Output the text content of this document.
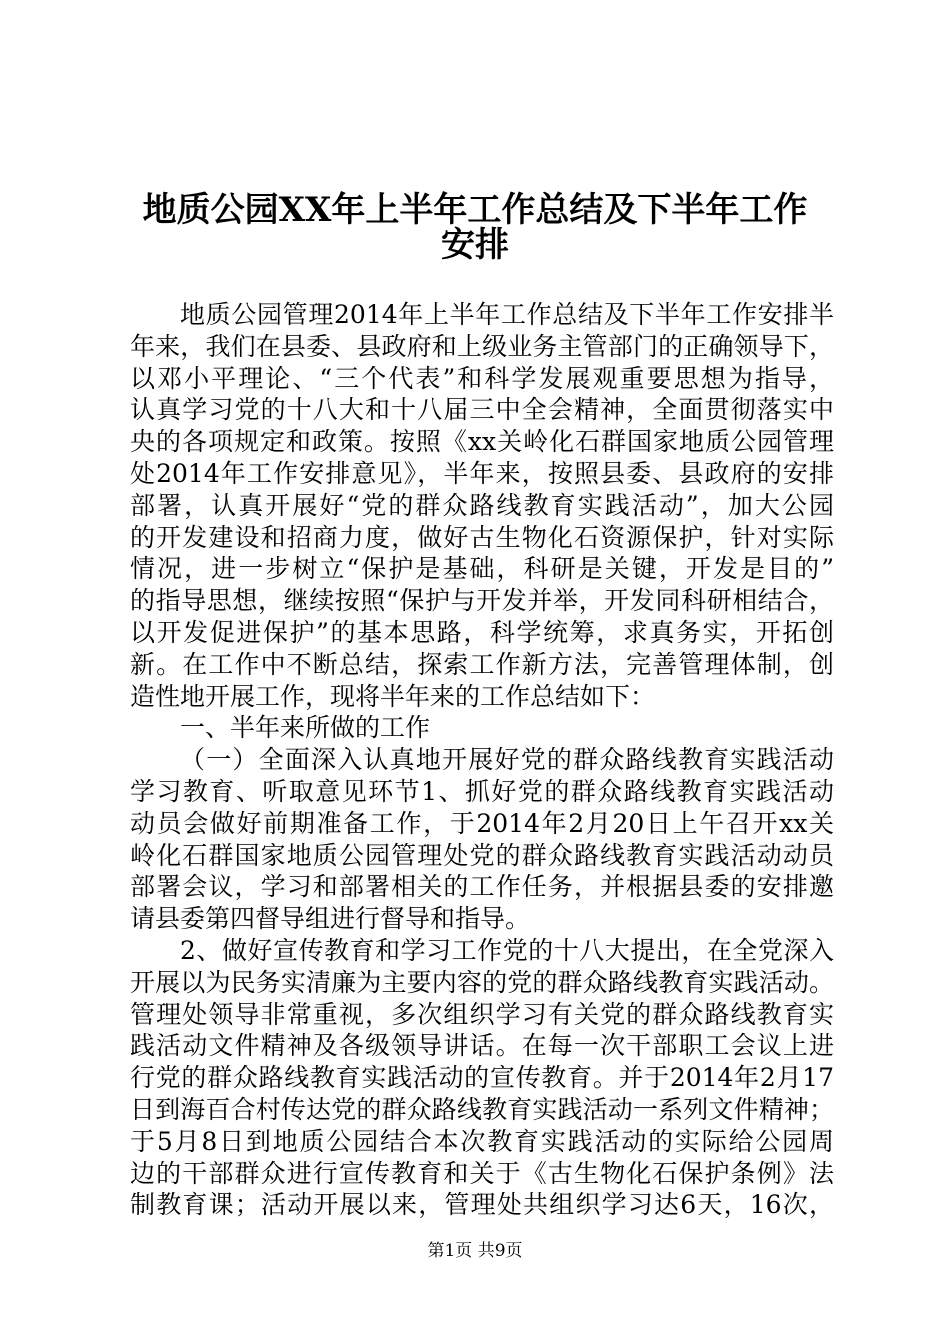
地质公园XX年上半年工作总结及下半年工作
安排
地质公园管理2014年上半年工作总结及下半年工作安排半
年来，我们在县委、县政府和上级业务主管部门的正确领导下，
以邓小平理论、“三个代表”和科学发展观重要思想为指导，
认真学习党的十八大和十八届三中全会精神，全面贯彻落实中
央的各项规定和政策。按照《xx关岭化石群国家地质公园管理
处2014年工作安排意见》，半年来，按照县委、县政府的安排
部署，认真开展好“党的群众路线教育实践活动”，加大公园
的开发建设和招商力度，做好古生物化石资源保护，针对实际
情况，进一步树立“保护是基础，科研是关键，开发是目的”
的指导思想，继续按照“保护与开发并举，开发同科研相结合，
以开发促进保护”的基本思路，科学统筹，求真务实，开拓创
新。在工作中不断总结，探索工作新方法，完善管理体制，创
造性地开展工作，现将半年来的工作总结如下：
一、半年来所做的工作
（一）全面深入认真地开展好党的群众路线教育实践活动
学习教育、听取意见环节1、抓好党的群众路线教育实践活动
动员会做好前期准备工作，于2014年2月20日上午召开xx关
岭化石群国家地质公园管理处党的群众路线教育实践活动动员
部署会议，学习和部署相关的工作任务，并根据县委的安排邀
请县委第四督导组进行督导和指导。
2、做好宣传教育和学习工作党的十八大提出，在全党深入
开展以为民务实清廉为主要内容的党的群众路线教育实践活动。
管理处领导非常重视，多次组织学习有关党的群众路线教育实
践活动文件精神及各级领导讲话。在每一次干部职工会议上进
行党的群众路线教育实践活动的宣传教育。并于2014年2月17
日到海百合村传达党的群众路线教育实践活动一系列文件精神；
于5月8日到地质公园结合本次教育实践活动的实际给公园周
边的干部群众进行宣传教育和关于《古生物化石保护条例》法
制教育课；活动开展以来，管理处共组织学习达6天，16次，
第1页 共9页
